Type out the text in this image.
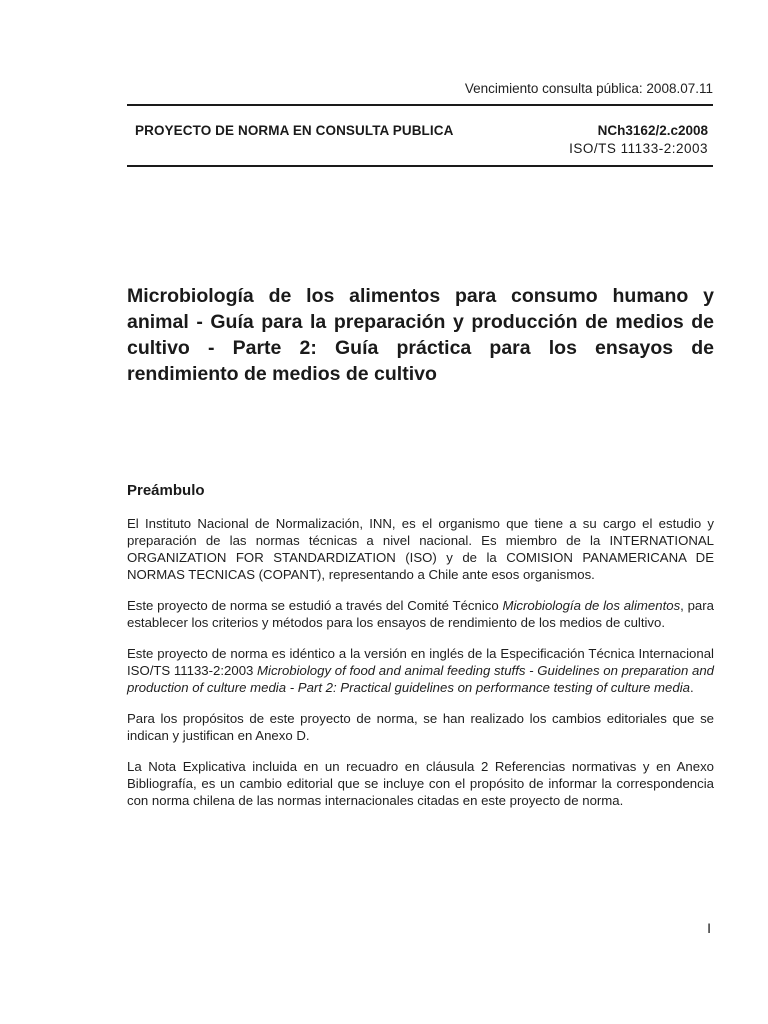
Vencimiento consulta pública: 2008.07.11
PROYECTO DE NORMA EN CONSULTA PUBLICA	NCh3162/2.c2008
ISO/TS 11133-2:2003
Microbiología de los alimentos para consumo humano y animal - Guía para la preparación y producción de medios de cultivo - Parte 2: Guía práctica para los ensayos de rendimiento de medios de cultivo
Preámbulo

El Instituto Nacional de Normalización, INN, es el organismo que tiene a su cargo el estudio y preparación de las normas técnicas a nivel nacional. Es miembro de la INTERNATIONAL ORGANIZATION FOR STANDARDIZATION (ISO) y de la COMISION PANAMERICANA DE NORMAS TECNICAS (COPANT), representando a Chile ante esos organismos.

Este proyecto de norma se estudió a través del Comité Técnico Microbiología de los alimentos, para establecer los criterios y métodos para los ensayos de rendimiento de los medios de cultivo.

Este proyecto de norma es idéntico a la versión en inglés de la Especificación Técnica Internacional ISO/TS 11133-2:2003 Microbiology of food and animal feeding stuffs - Guidelines on preparation and production of culture media - Part 2: Practical guidelines on performance testing of culture media.

Para los propósitos de este proyecto de norma, se han realizado los cambios editoriales que se indican y justifican en Anexo D.

La Nota Explicativa incluida en un recuadro en cláusula 2 Referencias normativas y en Anexo Bibliografía, es un cambio editorial que se incluye con el propósito de informar la correspondencia con norma chilena de las normas internacionales citadas en este proyecto de norma.

I
